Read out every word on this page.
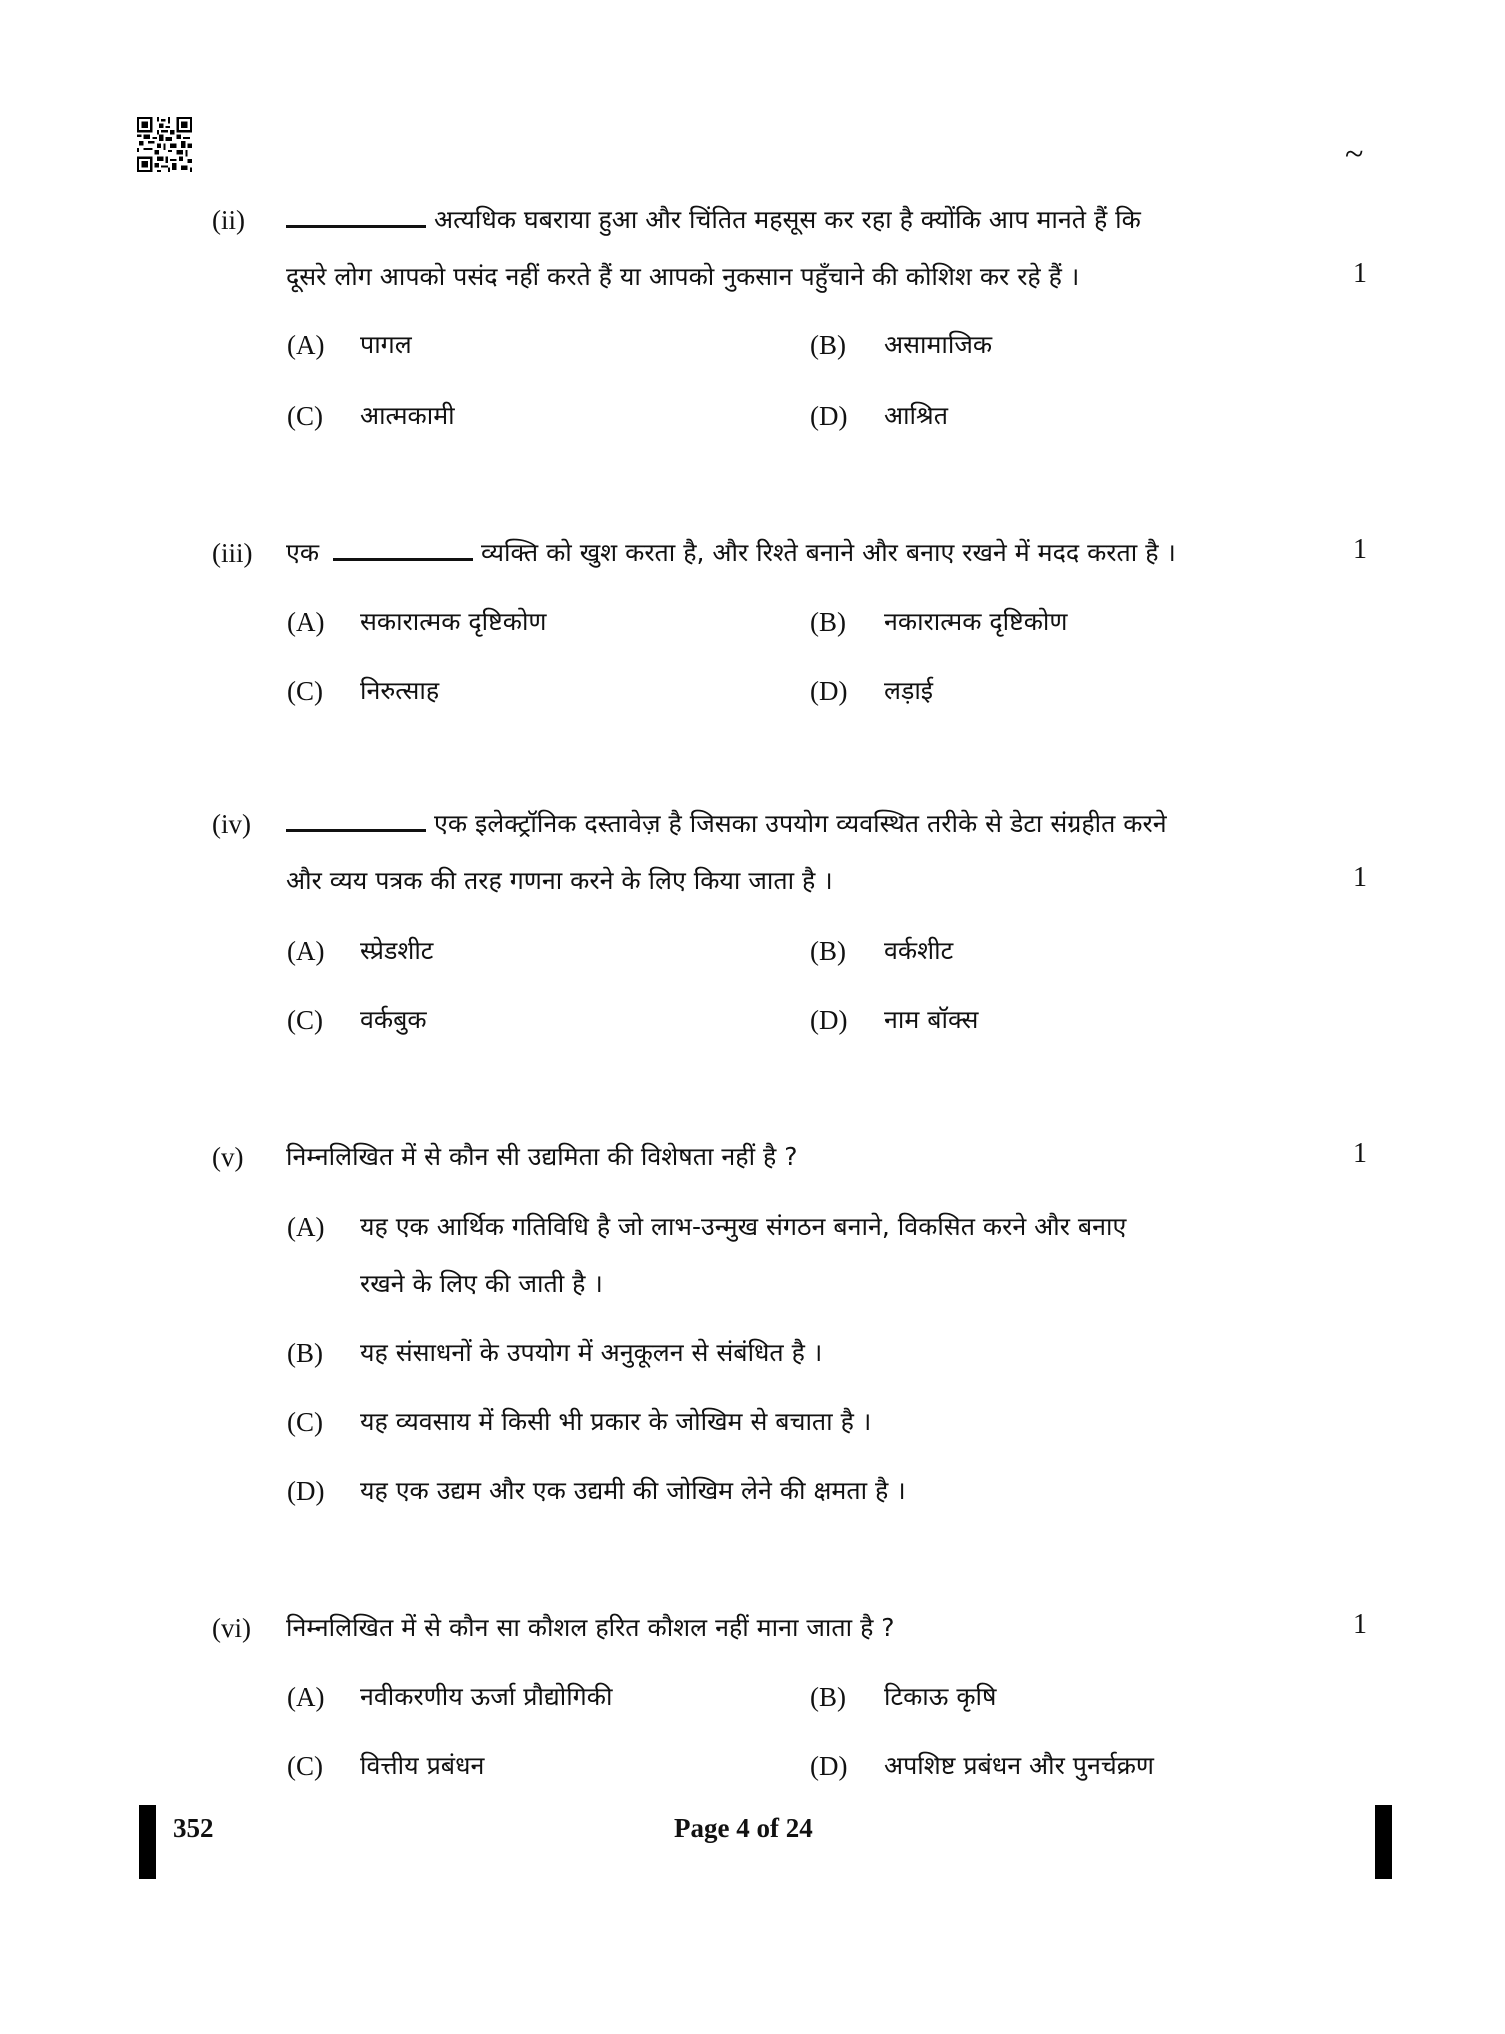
~
(ii)	अत्यधिक घबराया हुआ और चिंतित महसूस कर रहा है क्योंकि आप मानते हैं कि
दूसरे लोग आपको पसंद नहीं करते हैं या आपको नुकसान पहुँचाने की कोशिश कर रहे हैं ।	1
(A) पागल	(B) असामाजिक
(C) आत्मकामी	(D) आश्रित
(iii) एक	व्यक्ति को खुश करता है, और रिश्ते बनाने और बनाए रखने में मदद करता है ।	1
(A) सकारात्मक दृष्टिकोण	(B) नकारात्मक दृष्टिकोण
(C) निरुत्साह	(D) लड़ाई
(iv)	एक इलेक्ट्रॉनिक दस्तावेज़ है जिसका उपयोग व्यवस्थित तरीके से डेटा संग्रहीत करने
और व्यय पत्रक की तरह गणना करने के लिए किया जाता है ।	1
(A) स्प्रेडशीट	(B) वर्कशीट
(C) वर्कबुक	(D) नाम बॉक्स
(v) निम्नलिखित में से कौन सी उद्यमिता की विशेषता नहीं है ?	1
(A) यह एक आर्थिक गतिविधि है जो लाभ-उन्मुख संगठन बनाने, विकसित करने और बनाए
रखने के लिए की जाती है ।
(B) यह संसाधनों के उपयोग में अनुकूलन से संबंधित है ।
(C) यह व्यवसाय में किसी भी प्रकार के जोखिम से बचाता है ।
(D) यह एक उद्यम और एक उद्यमी की जोखिम लेने की क्षमता है ।
(vi) निम्नलिखित में से कौन सा कौशल हरित कौशल नहीं माना जाता है ?	1
(A) नवीकरणीय ऊर्जा प्रौद्योगिकी	(B) टिकाऊ कृषि
(C) वित्तीय प्रबंधन	(D) अपशिष्ट प्रबंधन और पुनर्चक्रण
352	Page 4 of 24
